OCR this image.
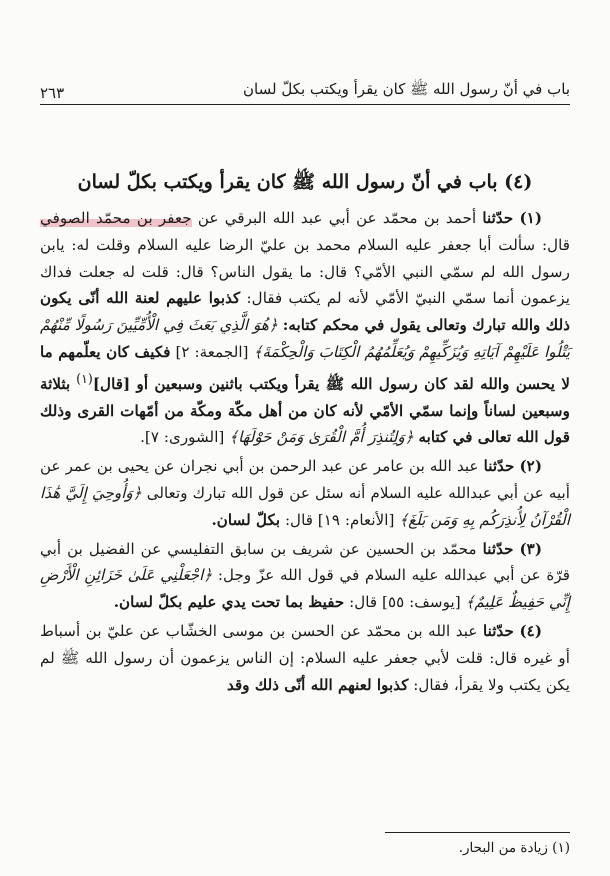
باب في أنّ رسول الله ﷺ كان يقرأ ويكتب بكلّ لسان
٢٦٣
(٤) باب في أنّ رسول الله ﷺ كان يقرأ ويكتب بكلّ لسان

(١) حدّثنا أحمد بن محمّد عن أبي عبد الله البرقي عن جعفر بن محمّد الصوفي قال: سألت أبا جعفر عليه السلام محمد بن عليّ الرضا عليه السلام وقلت له: يابن رسول الله لم سمّي النبي الأمّي؟ قال: ما يقول الناس؟ قال: قلت له جعلت فداك يزعمون أنما سمّي النبيّ الأمّي لأنه لم يكتب فقال: كذبوا عليهم لعنة الله أنّى يكون ذلك والله تبارك وتعالى يقول في محكم كتابه: ﴿هُوَ الَّذِي بَعَثَ فِي الْأُمِّيِّينَ رَسُولًا مِّنْهُمْ يَتْلُوا عَلَيْهِمْ آيَاتِهِ وَيُزَكِّيهِمْ وَيُعَلِّمُهُمُ الْكِتَابَ وَالْحِكْمَةَ﴾ [الجمعة: ٢] فكيف كان يعلّمهم ما لا يحسن والله لقد كان رسول الله ﷺ يقرأ ويكتب باثنين وسبعين أو [قال]$^{(١)}$ بثلاثة وسبعين لساناً وإنما سمّي الأمّي لأنه كان من أهل مكّة ومكّة من أمّهات القرى وذلك قول الله تعالى في كتابه ﴿وَلِتُنذِرَ أُمَّ الْقُرَىٰ وَمَنْ حَوْلَهَا﴾ [الشورى: ٧].

(٢) حدّثنا عبد الله بن عامر عن عبد الرحمن بن أبي نجران عن يحيى بن عمر عن أبيه عن أبي عبدالله عليه السلام أنه سئل عن قول الله تبارك وتعالى ﴿وَأُوحِيَ إِلَيَّ هَٰذَا الْقُرْآنُ لِأُنذِرَكُم بِهِ وَمَن بَلَغَ﴾ [الأنعام: ١٩] قال: بكلّ لسان.

(٣) حدّثنا محمّد بن الحسين عن شريف بن سابق التفليسي عن الفضيل بن أبي قرّة عن أبي عبدالله عليه السلام في قول الله عزّ وجل: ﴿اجْعَلْنِي عَلَىٰ خَزَائِنِ الْأَرْضِ إِنِّي حَفِيظٌ عَلِيمٌ﴾ [يوسف: ٥٥] قال: حفيظ بما تحت يدي عليم بكلّ لسان.

(٤) حدّثنا عبد الله بن محمّد عن الحسن بن موسى الخشّاب عن عليّ بن أسباط أو غيره قال: قلت لأبي جعفر عليه السلام: إن الناس يزعمون أن رسول الله ﷺ لم يكن يكتب ولا يقرأ، فقال: كذبوا لعنهم الله أنّى ذلك وقد

(١) زيادة من البحار.
